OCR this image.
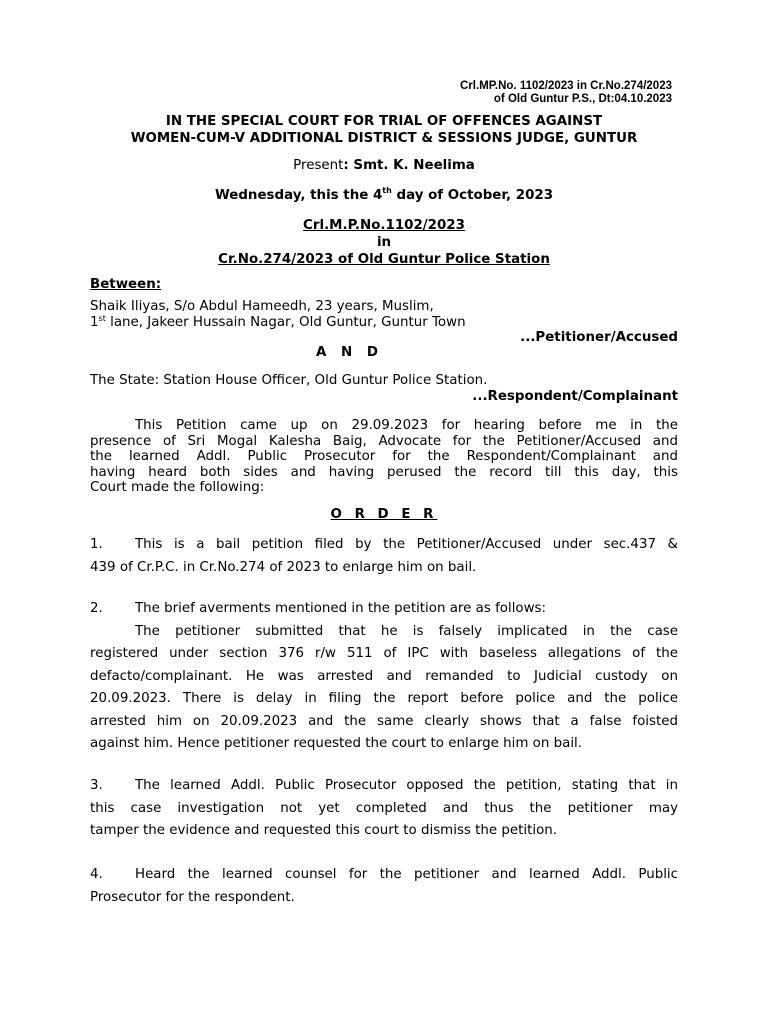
Crl.MP.No. 1102/2023 in Cr.No.274/2023
of Old Guntur P.S., Dt:04.10.2023
IN THE SPECIAL COURT FOR TRIAL OF OFFENCES AGAINST
WOMEN-CUM-V ADDITIONAL DISTRICT & SESSIONS JUDGE, GUNTUR
Present: Smt. K. Neelima
Wednesday, this the 4th day of October, 2023
Crl.M.P.No.1102/2023
in
Cr.No.274/2023 of Old Guntur Police Station
Between:
Shaik Iliyas, S/o Abdul Hameedh, 23 years, Muslim,
1st lane, Jakeer Hussain Nagar, Old Guntur, Guntur Town
...Petitioner/Accused
A N D
The State: Station House Officer, Old Guntur Police Station.
...Respondent/Complainant
This Petition came up on 29.09.2023 for hearing before me in the
presence of Sri Mogal Kalesha Baig, Advocate for the Petitioner/Accused and
the learned Addl. Public Prosecutor for the Respondent/Complainant and
having heard both sides and having perused the record till this day, this
Court made the following:
O R D E R
1. This is a bail petition filed by the Petitioner/Accused under sec.437 &
439 of Cr.P.C. in Cr.No.274 of 2023 to enlarge him on bail.
2. The brief averments mentioned in the petition are as follows:
The petitioner submitted that he is falsely implicated in the case
registered under section 376 r/w 511 of IPC with baseless allegations of the
defacto/complainant. He was arrested and remanded to Judicial custody on
20.09.2023. There is delay in filing the report before police and the police
arrested him on 20.09.2023 and the same clearly shows that a false foisted
against him. Hence petitioner requested the court to enlarge him on bail.
3. The learned Addl. Public Prosecutor opposed the petition, stating that in
this case investigation not yet completed and thus the petitioner may
tamper the evidence and requested this court to dismiss the petition.
4. Heard the learned counsel for the petitioner and learned Addl. Public
Prosecutor for the respondent.
